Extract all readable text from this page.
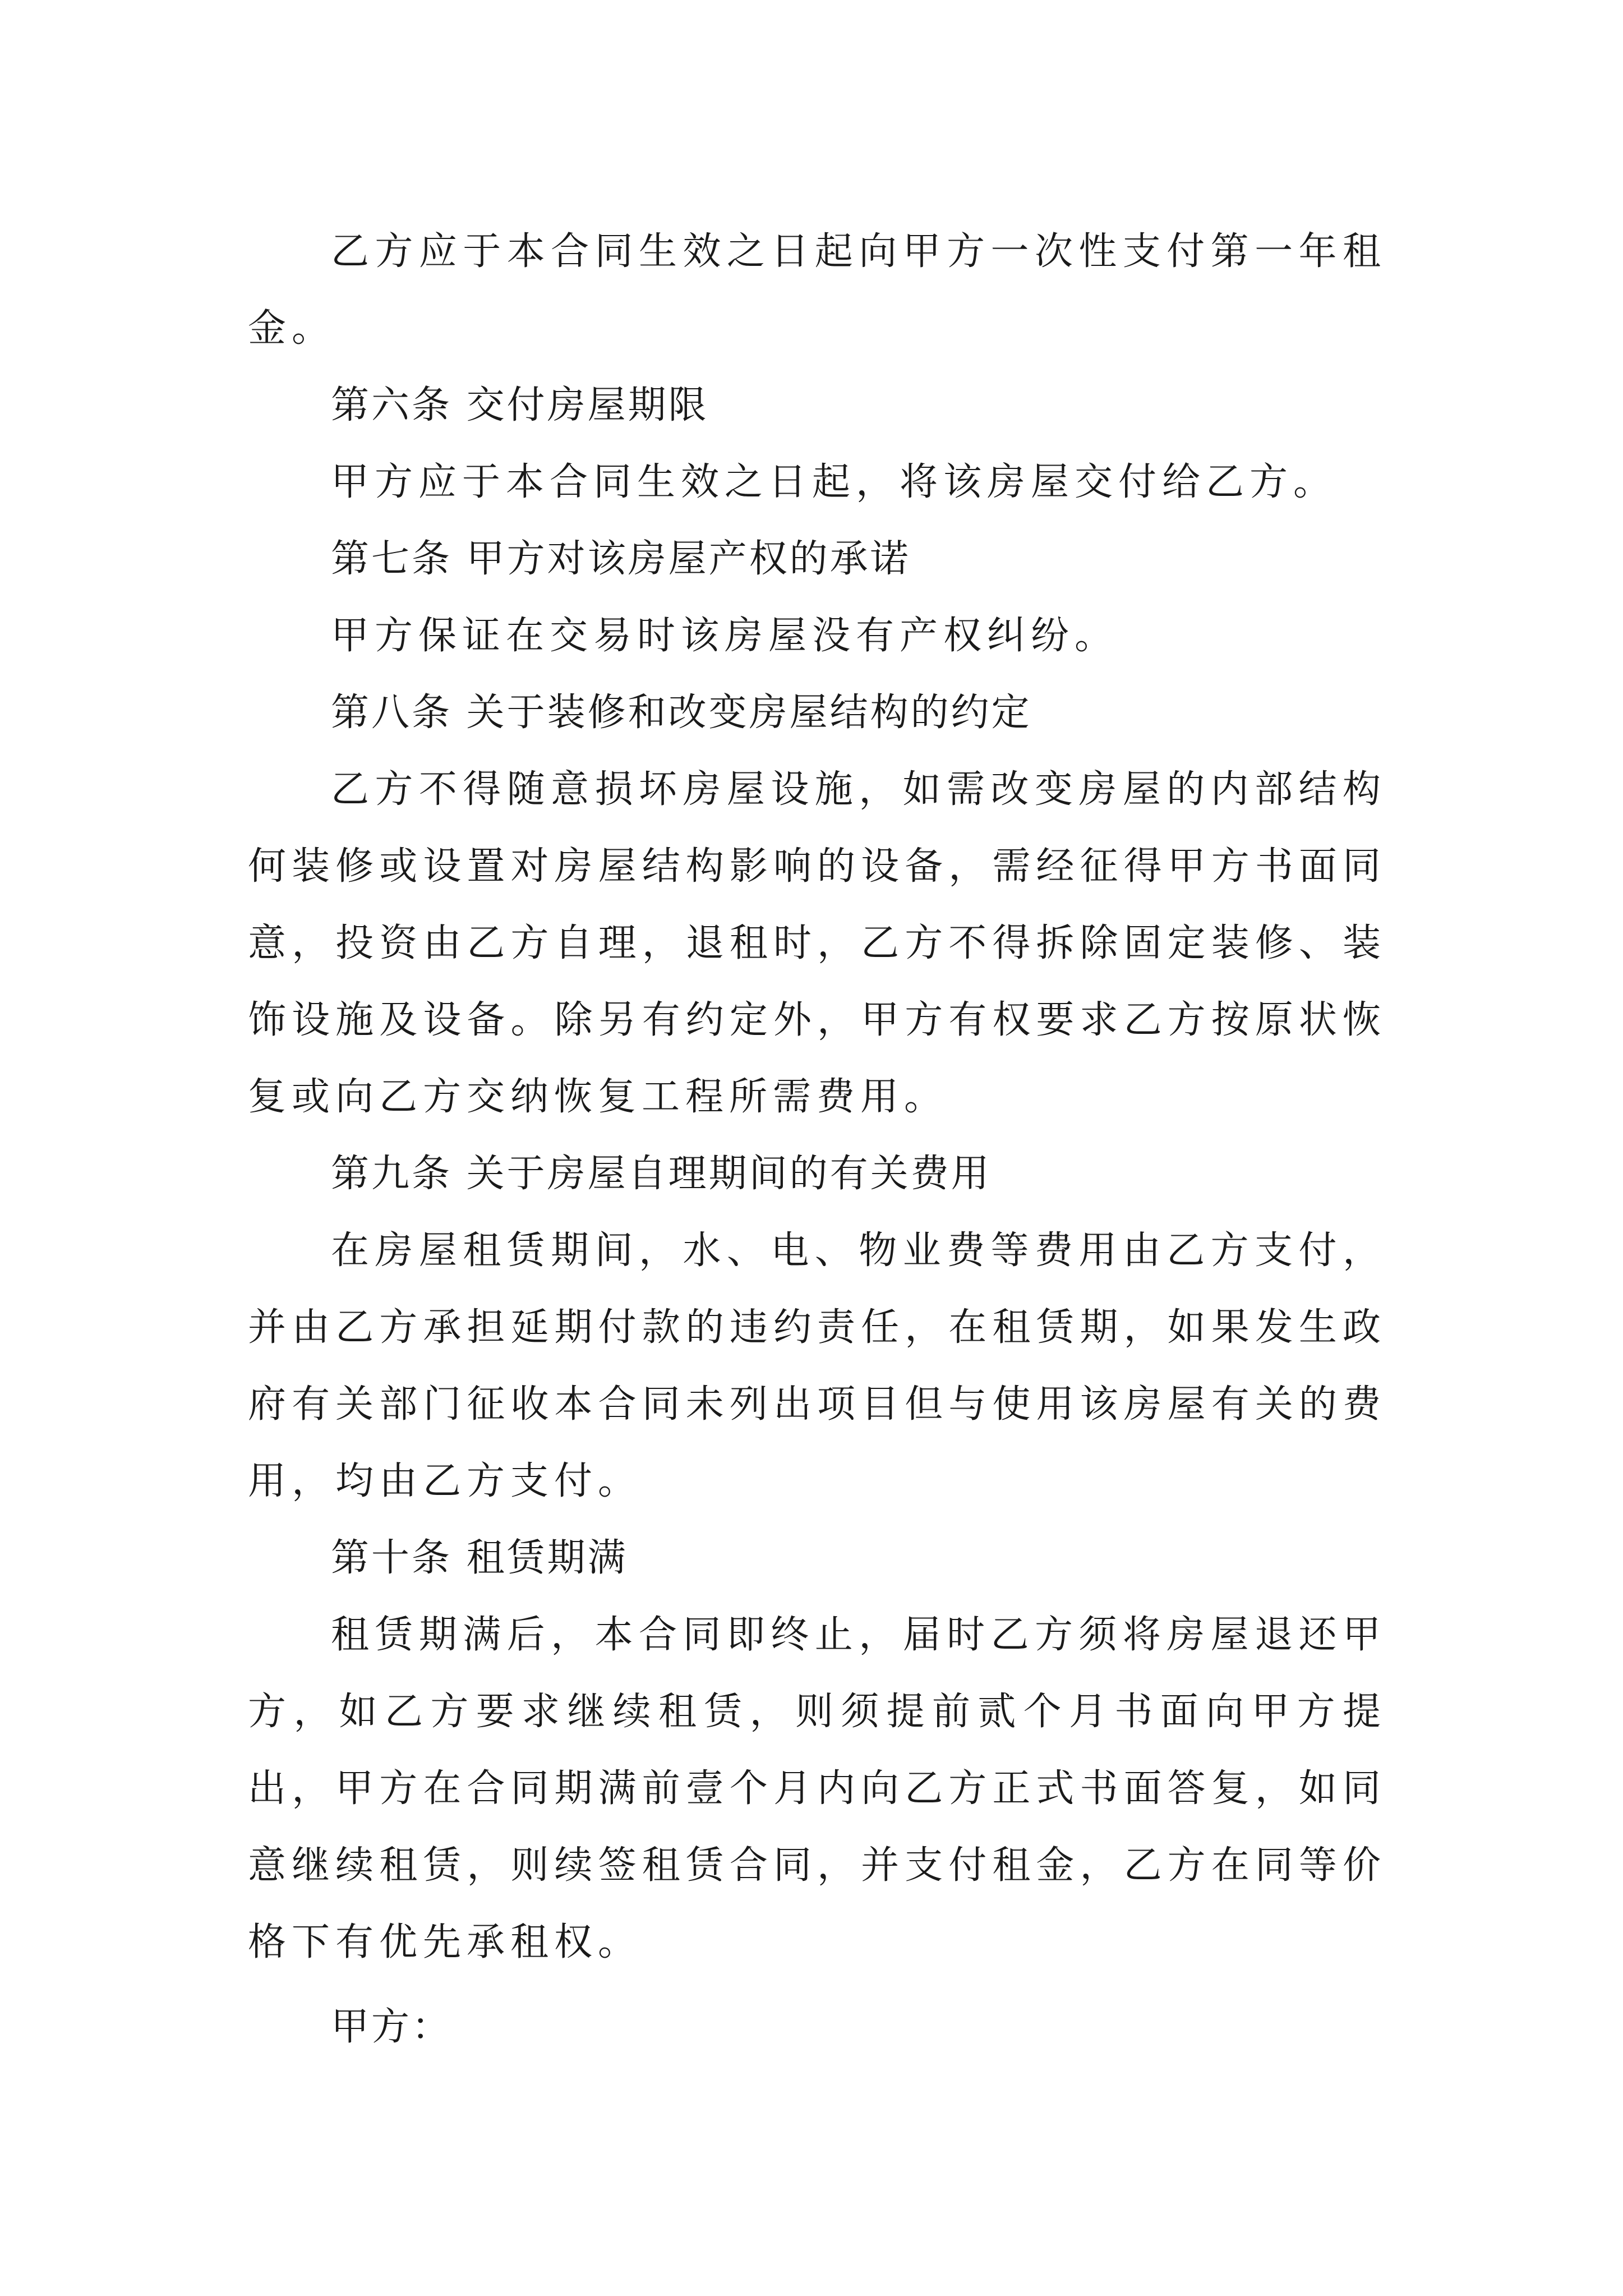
乙方应于本合同生效之日起向甲方一次性支付第一年租金。

第六条 交付房屋期限

甲方应于本合同生效之日起，将该房屋交付给乙方。

第七条 甲方对该房屋产权的承诺

甲方保证在交易时该房屋没有产权纠纷。

第八条 关于装修和改变房屋结构的约定

乙方不得随意损坏房屋设施，如需改变房屋的内部结构何装修或设置对房屋结构影响的设备，需经征得甲方书面同意，投资由乙方自理，退租时，乙方不得拆除固定装修、装饰设施及设备。除另有约定外，甲方有权要求乙方按原状恢复或向乙方交纳恢复工程所需费用。

第九条 关于房屋自理期间的有关费用

在房屋租赁期间，水、电、物业费等费用由乙方支付，并由乙方承担延期付款的违约责任，在租赁期，如果发生政府有关部门征收本合同未列出项目但与使用该房屋有关的费用，均由乙方支付。

第十条 租赁期满

租赁期满后，本合同即终止，届时乙方须将房屋退还甲方，如乙方要求继续租赁，则须提前贰个月书面向甲方提出，甲方在合同期满前壹个月内向乙方正式书面答复，如同意继续租赁，则续签租赁合同，并支付租金，乙方在同等价格下有优先承租权。

甲方：
